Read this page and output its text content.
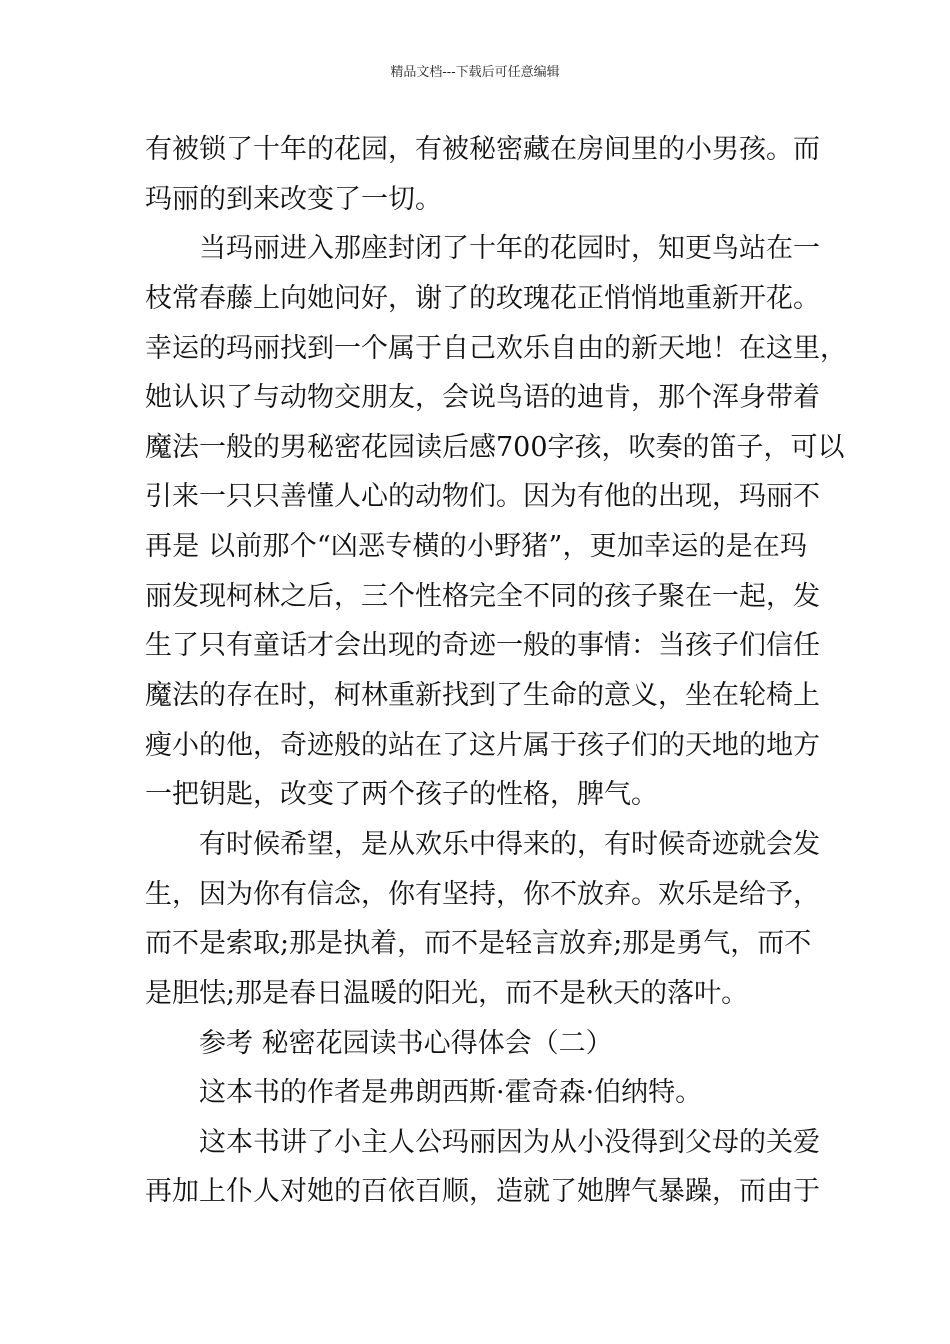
精品文档---下载后可任意编辑
有被锁了十年的花园，有被秘密藏在房间里的小男孩。而
玛丽的到来改变了一切。
当玛丽进入那座封闭了十年的花园时，知更鸟站在一
枝常春藤上向她问好，谢了的玫瑰花正悄悄地重新开花。
幸运的玛丽找到一个属于自己欢乐自由的新天地！在这里，
她认识了与动物交朋友，会说鸟语的迪肯，那个浑身带着
魔法一般的男秘密花园读后感700字孩，吹奏的笛子，可以
引来一只只善懂人心的动物们。因为有他的出现，玛丽不
再是 以前那个“凶恶专横的小野猪”，更加幸运的是在玛
丽发现柯林之后，三个性格完全不同的孩子聚在一起，发
生了只有童话才会出现的奇迹一般的事情：当孩子们信任
魔法的存在时，柯林重新找到了生命的意义，坐在轮椅上
瘦小的他，奇迹般的站在了这片属于孩子们的天地的地方
一把钥匙，改变了两个孩子的性格，脾气。
有时候希望，是从欢乐中得来的，有时候奇迹就会发
生，因为你有信念，你有坚持，你不放弃。欢乐是给予，
而不是索取;那是执着，而不是轻言放弃;那是勇气，而不
是胆怯;那是春日温暖的阳光，而不是秋天的落叶。
参考 秘密花园读书心得体会（二）
这本书的作者是弗朗西斯·霍奇森·伯纳特。
这本书讲了小主人公玛丽因为从小没得到父母的关爱
再加上仆人对她的百依百顺，造就了她脾气暴躁，而由于
